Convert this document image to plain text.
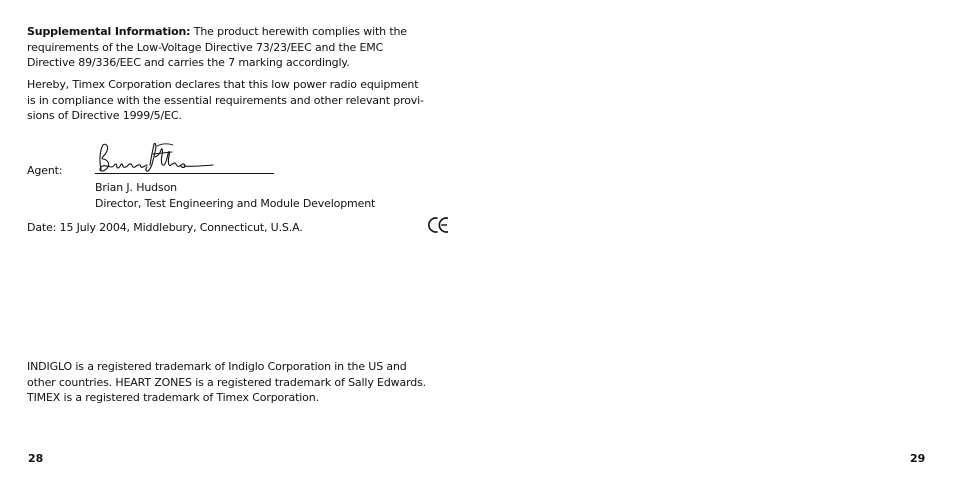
Supplemental Information: The product herewith complies with the
requirements of the Low-Voltage Directive 73/23/EEC and the EMC
Directive 89/336/EEC and carries the 7 marking accordingly.
Hereby, Timex Corporation declares that this low power radio equipment
is in compliance with the essential requirements and other relevant provi-
sions of Directive 1999/5/EC.
Agent:
Brian J. Hudson
Director, Test Engineering and Module Development
Date: 15 July 2004, Middlebury, Connecticut, U.S.A.
INDIGLO is a registered trademark of Indiglo Corporation in the US and
other countries. HEART ZONES is a registered trademark of Sally Edwards.
TIMEX is a registered trademark of Timex Corporation.
28	29
